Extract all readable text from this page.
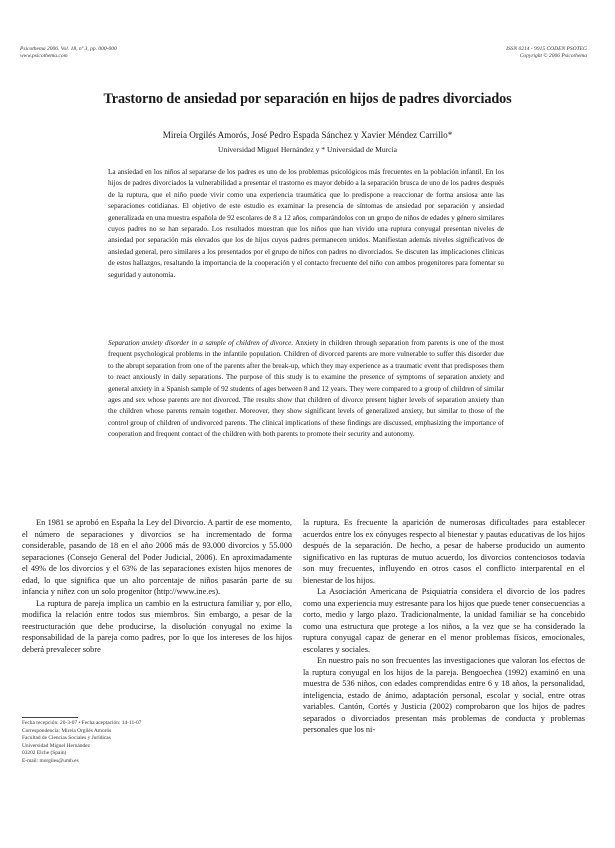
Psicothema 2006. Vol. 18, nº 3, pp. 000-000
www.psicothema.com
ISSN 0214 - 9915 CODEN PSOTEG
Copyright © 2006 Psicothema
Trastorno de ansiedad por separación en hijos de padres divorciados
Mireia Orgilés Amorós, José Pedro Espada Sánchez y Xavier Méndez Carrillo*
Universidad Miguel Hernández y * Universidad de Murcia
La ansiedad en los niños al separarse de los padres es uno de los problemas psicológicos más frecuentes en la población infantil. En los hijos de padres divorciados la vulnerabilidad a presentar el trastorno es mayor debido a la separación brusca de uno de los padres después de la ruptura, que el niño puede vivir como una experiencia traumática que lo predispone a reaccionar de forma ansiosa ante las separaciones cotidianas. El objetivo de este estudio es examinar la presencia de síntomas de ansiedad por separación y ansiedad generalizada en una muestra española de 92 escolares de 8 a 12 años, comparándolos con un grupo de niños de edades y género similares cuyos padres no se han separado. Los resultados muestran que los niños que han vivido una ruptura conyugal presentan niveles de ansiedad por separación más elevados que los de hijos cuyos padres permanecen unidos. Manifiestan además niveles significativos de ansiedad general, pero similares a los presentados por el grupo de niños con padres no divorciados. Se discuten las implicaciones clínicas de estos hallazgos, resaltando la importancia de la cooperación y el contacto frecuente del niño con ambos progenitores para fomentar su seguridad y autonomía.
Separation anxiety disorder in a sample of children of divorce. Anxiety in children through separation from parents is one of the most frequent psychological problems in the infantile population. Children of divorced parents are more vulnerable to suffer this disorder due to the abrupt separation from one of the parents after the break-up, which they may experience as a traumatic event that predisposes them to react anxiously in daily separations. The purpose of this study is to examine the presence of symptoms of separation anxiety and general anxiety in a Spanish sample of 92 students of ages between 8 and 12 years. They were compared to a group of children of similar ages and sex whose parents are not divorced. The results show that children of divorce present higher levels of separation anxiety than the children whose parents remain together. Moreover, they show significant levels of generalized anxiety, but similar to those of the control group of children of undivorced parents. The clinical implications of these findings are discussed, emphasizing the importance of cooperation and frequent contact of the children with both parents to promote their security and autonomy.

En 1981 se aprobó en España la Ley del Divorcio. A partir de ese momento, el número de separaciones y divorcios se ha incrementado de forma considerable, pasando de 18 en el año 2006 más de 93.000 divorcios y 55.000 separaciones (Consejo General del Poder Judicial, 2006). En aproximadamente el 49% de los divorcios y el 63% de las separaciones existen hijos menores de edad, lo que significa que un alto porcentaje de niños pasarán parte de su infancia y niñez con un solo progenitor (http://www.ine.es).

La ruptura de pareja implica un cambio en la estructura familiar y, por ello, modifica la relación entre todos sus miembros. Sin embargo, a pesar de la reestructuración que debe producirse, la disolución conyugal no exime la responsabilidad de la pareja como padres, por lo que los intereses de los hijos deberá prevalecer sobre

la ruptura. Es frecuente la aparición de numerosas dificultades para establecer acuerdos entre los ex cónyuges respecto al bienestar y pautas educativas de los hijos después de la separación. De hecho, a pesar de haberse producido un aumento significativo en las rupturas de mutuo acuerdo, los divorcios contenciosos todavía son muy frecuentes, influyendo en otros casos el conflicto interparental en el bienestar de los hijos.

La Asociación Americana de Psiquiatría considera el divorcio de los padres como una experiencia muy estresante para los hijos que puede tener consecuencias a corto, medio y largo plazo. Tradicionalmente, la unidad familiar se ha concebido como una estructura que protege a los niños, a la vez que se ha considerado la ruptura conyugal capaz de generar en el menor problemas físicos, emocionales, escolares y sociales.

En nuestro país no son frecuentes las investigaciones que valoran los efectos de la ruptura conyugal en los hijos de la pareja. Bengoechea (1992) examinó en una muestra de 536 niños, con edades comprendidas entre 6 y 18 años, la personalidad, inteligencia, estado de ánimo, adaptación personal, escolar y social, entre otras variables. Cantón, Cortés y Justicia (2002) comprobaron que los hijos de padres separados o divorciados presentan más problemas de conducta y problemas personales que los ni-

Fecha recepción: 20-3-07 • Fecha aceptación: 14-11-07
Correspondencia: Mireia Orgilés Amorós
Facultad de Ciencias Sociales y Jurídicas
Universidad Miguel Hernández
03202 Elche (Spain)
E-mail: morgiles@umh.es
